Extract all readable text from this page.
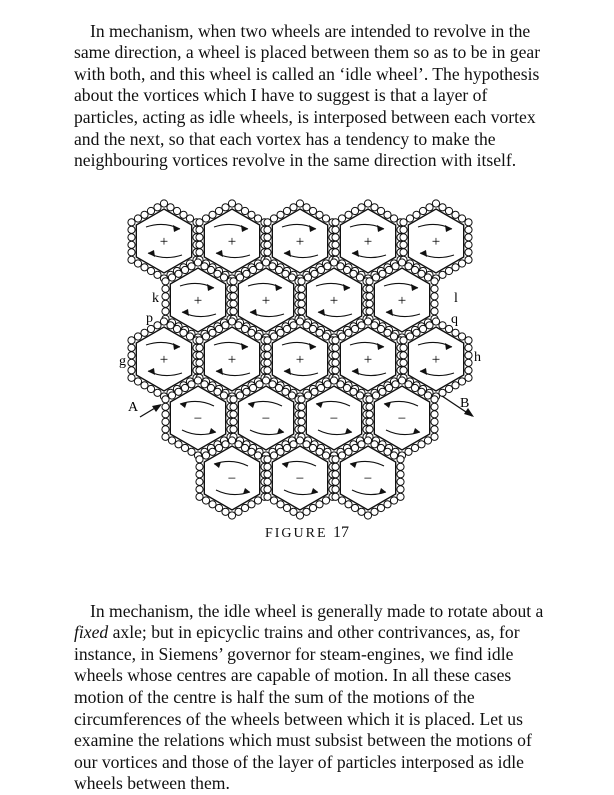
In mechanism, when two wheels are intended to revolve in the same direction, a wheel is placed between them so as to be in gear with both, and this wheel is called an ‘idle wheel’. The hypothesis about the vortices which I have to suggest is that a layer of particles, acting as idle wheels, is interposed between each vortex and the next, so that each vortex has a tendency to make the neighbouring vortices revolve in the same direction with itself.

+	+	+	+	+
+	+	+	+
+	+	+	+	+
−	−	−	−
−	−	−
k
p
g
A
l
q
h
B
FIGURE 17

In mechanism, the idle wheel is generally made to rotate about a fixed axle; but in epicyclic trains and other contrivances, as, for instance, in Siemens’ governor for steam-engines, we find idle wheels whose centres are capable of motion. In all these cases motion of the centre is half the sum of the motions of the circumferences of the wheels between which it is placed. Let us examine the relations which must subsist between the motions of our vortices and those of the layer of particles interposed as idle wheels between them.
